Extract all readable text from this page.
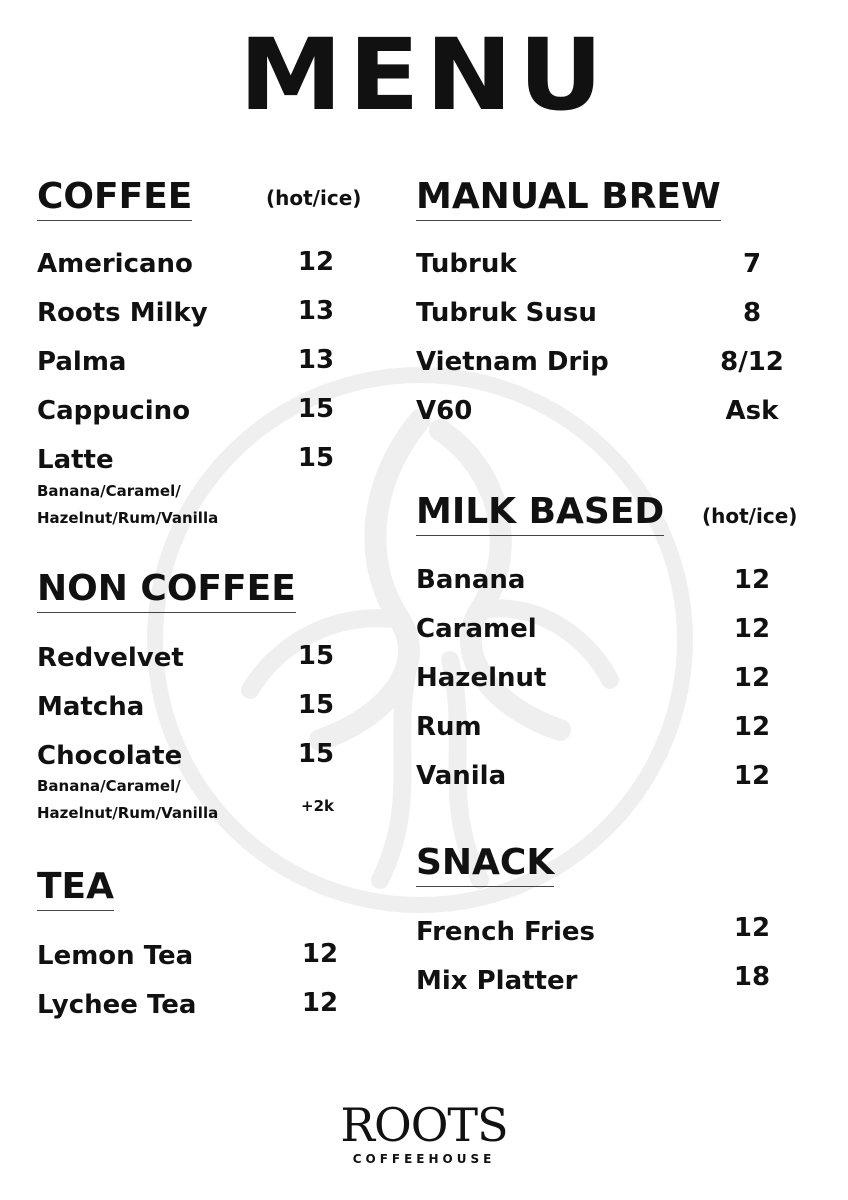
MENU
COFFEE	(hot/ice)
Americano	12
Roots Milky	13
Palma	13
Cappucino	15
Latte	15
Banana/Caramel/
Hazelnut/Rum/Vanilla
NON COFFEE
Redvelvet	15
Matcha	15
Chocolate	15
Banana/Caramel/
Hazelnut/Rum/Vanilla	+2k
TEA
Lemon Tea	12
Lychee Tea	12
MANUAL BREW
Tubruk	7
Tubruk Susu	8
Vietnam Drip	8/12
V60	Ask
MILK BASED (hot/ice)
Banana	12
Caramel	12
Hazelnut	12
Rum	12
Vanila	12
SNACK
French Fries	12
Mix Platter	18
ROOTS
COFFEEHOUSE
